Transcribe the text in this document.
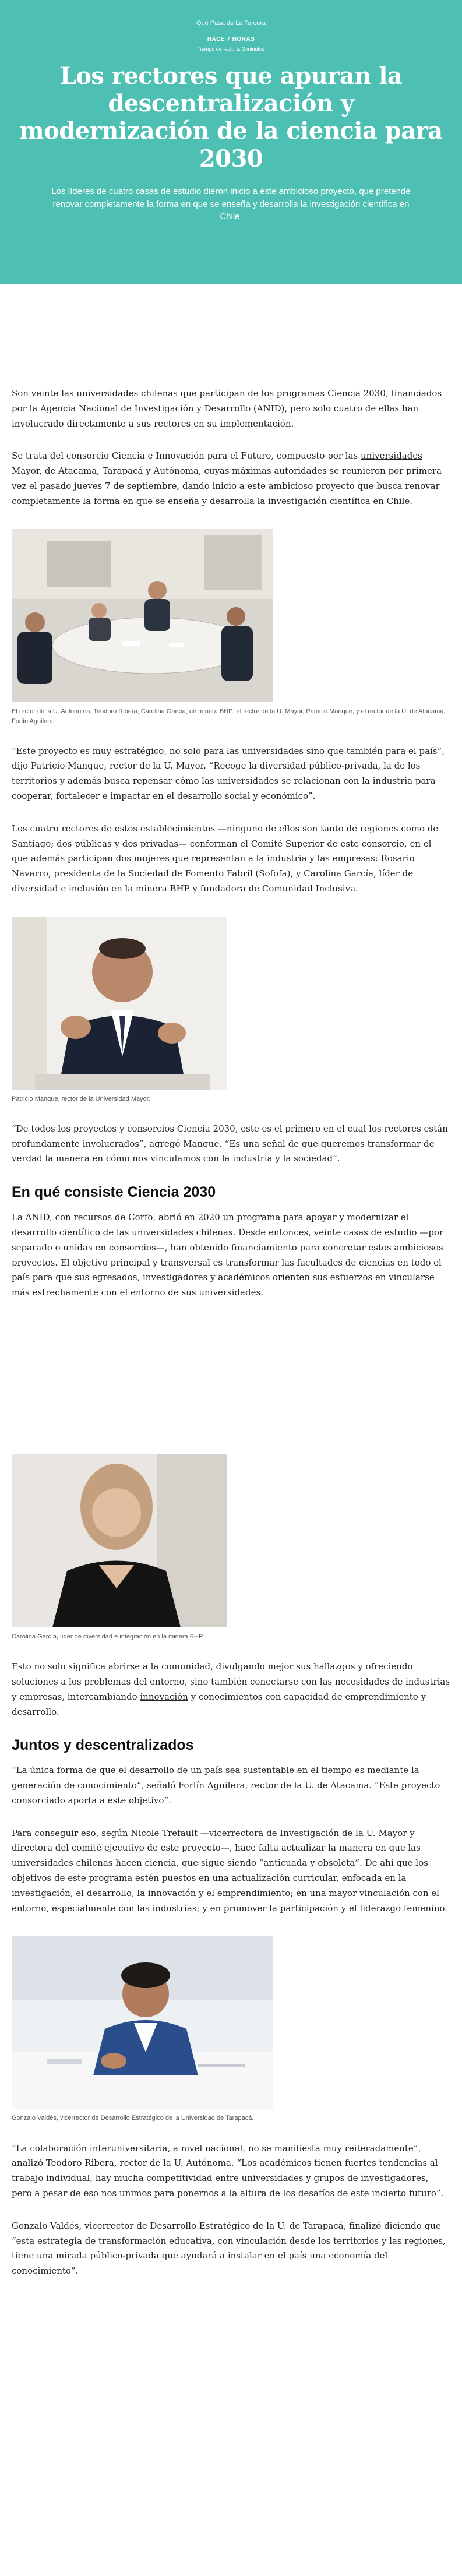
Qué Pasa de La Tercera
HACE 7 HORAS
Tiempo de lectura: 3 minutos
Los rectores que apuran la descentralización y modernización de la ciencia para 2030
Los líderes de cuatro casas de estudio dieron inicio a este ambicioso proyecto, que pretende renovar completamente la forma en que se enseña y desarrolla la investigación científica en Chile.

Son veinte las universidades chilenas que participan de los programas Ciencia 2030, financiados por la Agencia Nacional de Investigación y Desarrollo (ANID), pero solo cuatro de ellas han involucrado directamente a sus rectores en su implementación.

Se trata del consorcio Ciencia e Innovación para el Futuro, compuesto por las universidades Mayor, de Atacama, Tarapacá y Autónoma, cuyas máximas autoridades se reunieron por primera vez el pasado jueves 7 de septiembre, dando inicio a este ambicioso proyecto que busca renovar completamente la forma en que se enseña y desarrolla la investigación científica en Chile.

El rector de la U. Autónoma, Teodoro Ribera; Carolina García, de minera BHP; el rector de la U. Mayor, Patricio Manque; y el rector de la U. de Atacama, Forlín Aguilera.

“Este proyecto es muy estratégico, no solo para las universidades sino que también para el país”, dijo Patricio Manque, rector de la U. Mayor. “Recoge la diversidad público-privada, la de los territorios y además busca repensar cómo las universidades se relacionan con la industria para cooperar, fortalecer e impactar en el desarrollo social y económico”.

Los cuatro rectores de estos establecimientos —ninguno de ellos son tanto de regiones como de Santiago; dos públicas y dos privadas— conforman el Comité Superior de este consorcio, en el que además participan dos mujeres que representan a la industria y las empresas: Rosario Navarro, presidenta de la Sociedad de Fomento Fabril (Sofofa), y Carolina García, líder de diversidad e inclusión en la minera BHP y fundadora de Comunidad Inclusiva.

Patricio Manque, rector de la Universidad Mayor.

“De todos los proyectos y consorcios Ciencia 2030, este es el primero en el cual los rectores están profundamente involucrados”, agregó Manque. “Es una señal de que queremos transformar de verdad la manera en cómo nos vinculamos con la industria y la sociedad”.

En qué consiste Ciencia 2030

La ANID, con recursos de Corfo, abrió en 2020 un programa para apoyar y modernizar el desarrollo científico de las universidades chilenas. Desde entonces, veinte casas de estudio —por separado o unidas en consorcios—, han obtenido financiamiento para concretar estos ambiciosos proyectos. El objetivo principal y transversal es transformar las facultades de ciencias en todo el país para que sus egresados, investigadores y académicos orienten sus esfuerzos en vincularse más estrechamente con el entorno de sus universidades.

Carolina García, líder de diversidad e integración en la minera BHP.

Esto no solo significa abrirse a la comunidad, divulgando mejor sus hallazgos y ofreciendo soluciones a los problemas del entorno, sino también conectarse con las necesidades de industrias y empresas, intercambiando innovación y conocimientos con capacidad de emprendimiento y desarrollo.

Juntos y descentralizados

“La única forma de que el desarrollo de un país sea sustentable en el tiempo es mediante la generación de conocimiento”, señaló Forlín Aguilera, rector de la U. de Atacama. “Este proyecto consorciado aporta a este objetivo”.

Para conseguir eso, según Nicole Trefault —vicerrectora de Investigación de la U. Mayor y directora del comité ejecutivo de este proyecto—, hace falta actualizar la manera en que las universidades chilenas hacen ciencia, que sigue siendo “anticuada y obsoleta”. De ahí que los objetivos de este programa estén puestos en una actualización curricular, enfocada en la investigación, el desarrollo, la innovación y el emprendimiento; en una mayor vinculación con el entorno, especialmente con las industrias; y en promover la participación y el liderazgo femenino.

Gonzalo Valdés, vicerrector de Desarrollo Estratégico de la Universidad de Tarapacá.

“La colaboración interuniversitaria, a nivel nacional, no se manifiesta muy reiteradamente”, analizó Teodoro Ribera, rector de la U. Autónoma. “Los académicos tienen fuertes tendencias al trabajo individual, hay mucha competitividad entre universidades y grupos de investigadores, pero a pesar de eso nos unimos para ponernos a la altura de los desafíos de este incierto futuro”.

Gonzalo Valdés, vicerrector de Desarrollo Estratégico de la U. de Tarapacá, finalizó diciendo que “esta estrategia de transformación educativa, con vinculación desde los territorios y las regiones, tiene una mirada público-privada que ayudará a instalar en el país una economía del conocimiento”.
